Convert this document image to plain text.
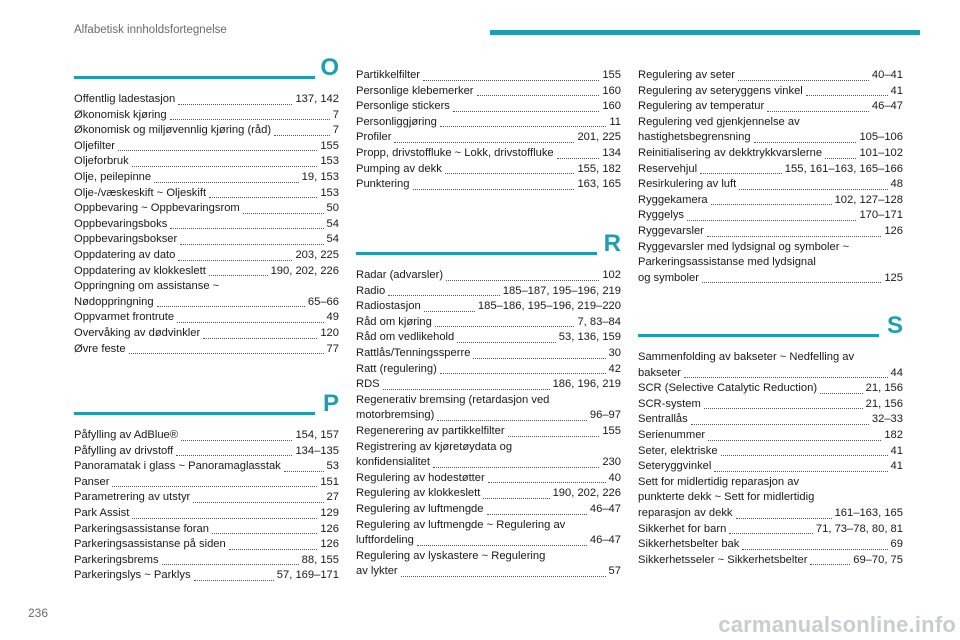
Alfabetisk innholdsfortegnelse
O
Offentlig ladestasjon	137, 142
Økonomisk kjøring	7
Økonomisk og miljøvennlig kjøring (råd)	7
Oljefilter	155
Oljeforbruk	153
Olje, peilepinne	19, 153
Olje-/væskeskift ~ Oljeskift	153
Oppbevaring ~ Oppbevaringsrom	50
Oppbevaringsboks	54
Oppbevaringsbokser	54
Oppdatering av dato	203, 225
Oppdatering av klokkeslett	190, 202, 226
Oppringning om assistanse ~
Nødoppringning	65–66
Oppvarmet frontrute	49
Overvåking av dødvinkler	120
Øvre feste	77
P
Påfylling av AdBlue®	154, 157
Påfylling av drivstoff	134–135
Panoramatak i glass ~ Panoramaglasstak	53
Panser	151
Parametrering av utstyr	27
Park Assist	129
Parkeringsassistanse foran	126
Parkeringsassistanse på siden	126
Parkeringsbrems	88, 155
Parkeringslys ~ Parklys	57, 169–171
Partikkelfilter	155
Personlige klebemerker	160
Personlige stickers	160
Personliggjøring	11
Profiler	201, 225
Propp, drivstoffluke ~ Lokk, drivstoffluke	134
Pumping av dekk	155, 182
Punktering	163, 165
R
Radar (advarsler)	102
Radio	185–187, 195–196, 219
Radiostasjon	185–186, 195–196, 219–220
Råd om kjøring	7, 83–84
Råd om vedlikehold	53, 136, 159
Rattlås/Tenningssperre	30
Ratt (regulering)	42
RDS	186, 196, 219
Regenerativ bremsing (retardasjon ved
motorbremsing)	96–97
Regenerering av partikkelfilter	155
Registrering av kjøretøydata og
konfidensialitet	230
Regulering av hodestøtter	40
Regulering av klokkeslett	190, 202, 226
Regulering av luftmengde	46–47
Regulering av luftmengde ~ Regulering av
luftfordeling	46–47
Regulering av lyskastere ~ Regulering
av lykter	57
Regulering av seter	40–41
Regulering av seteryggens vinkel	41
Regulering av temperatur	46–47
Regulering ved gjenkjennelse av
hastighetsbegrensning	105–106
Reinitialisering av dekktrykkvarslerne	101–102
Reservehjul	155, 161–163, 165–166
Resirkulering av luft	48
Ryggekamera	102, 127–128
Ryggelys	170–171
Ryggevarsler	126
Ryggevarsler med lydsignal og symboler ~
Parkeringsassistanse med lydsignal
og symboler	125
S
Sammenfolding av bakseter ~ Nedfelling av
bakseter	44
SCR (Selective Catalytic Reduction)	21, 156
SCR-system	21, 156
Sentrallås	32–33
Serienummer	182
Seter, elektriske	41
Seteryggvinkel	41
Sett for midlertidig reparasjon av
punkterte dekk ~ Sett for midlertidig
reparasjon av dekk	161–163, 165
Sikkerhet for barn	71, 73–78, 80, 81
Sikkerhetsbelter bak	69
Sikkerhetsseler ~ Sikkerhetsbelter	69–70, 75
236	carmanualsonline.info
